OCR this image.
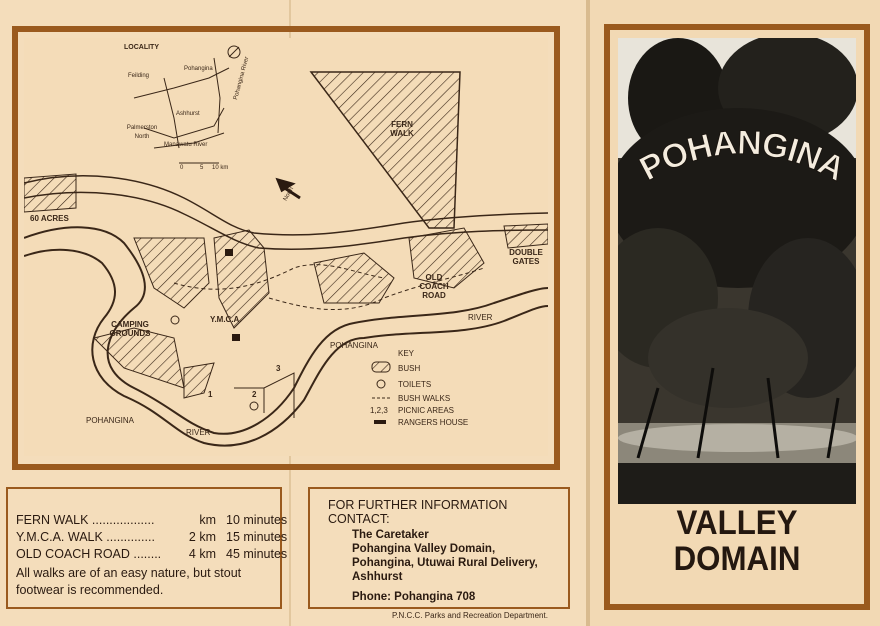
LOCALITY
Feilding
Pohangina
Palmerston North
Ashhurst
Manawatu River
0	5 10 km
Pohangina River
North
FERN WALK
60 ACRES
DOUBLE GATES
OLD COACH ROAD
CAMPING GROUNDS
Y.M.C.A.
POHANGINA
RIVER
POHANGINA
RIVER
1	2
3
KEY
BUSH
TOILETS
BUSH WALKS
1,2,3 PICNIC AREAS
RANGERS HOUSE
FERN WALK ..................	km 10 minutes
Y.M.C.A. WALK ..............	2 km 15 minutes
OLD COACH ROAD ........	4 km 45 minutes
All walks are of an easy nature, but stout footwear is recommended.
FOR FURTHER INFORMATION CONTACT:
The Caretaker
Pohangina Valley Domain,
Pohangina, Utuwai Rural Delivery,
Ashhurst
Phone: Pohangina 708
P.N.C.C. Parks and Recreation Department.
POHANGINA
VALLEY
DOMAIN
